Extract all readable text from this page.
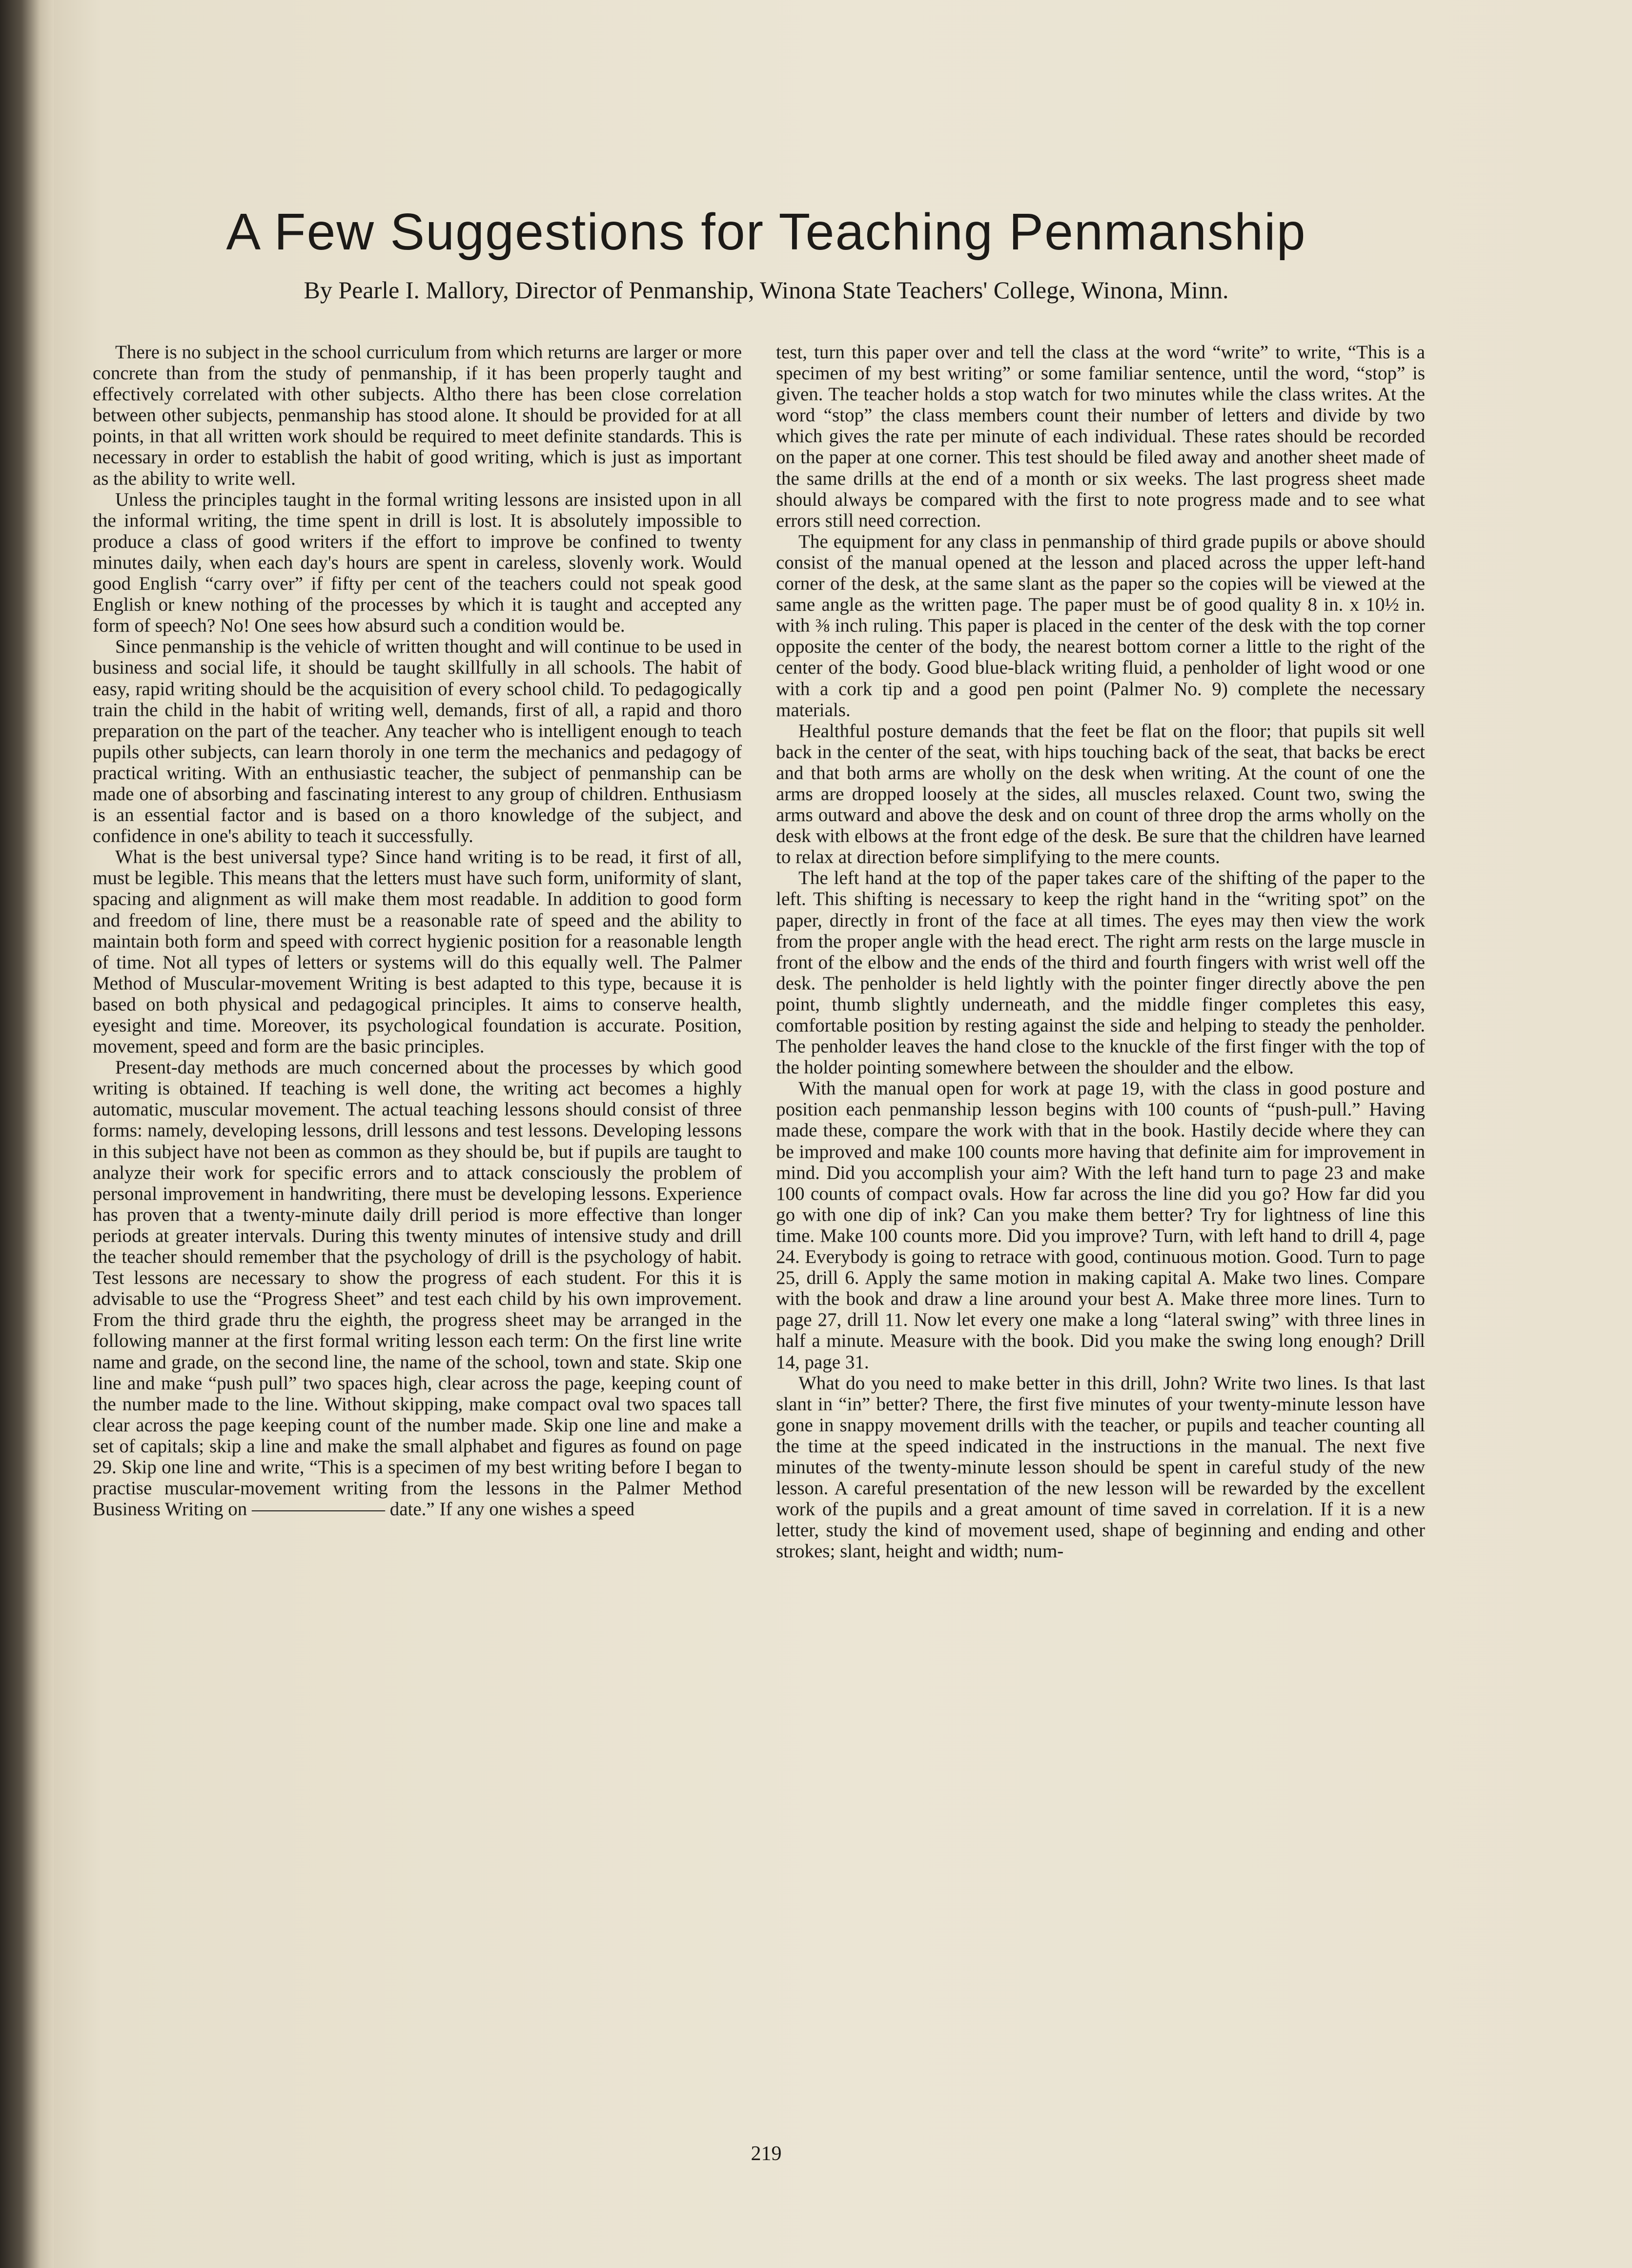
A Few Suggestions for Teaching Penmanship
By Pearle I. Mallory, Director of Penmanship, Winona State Teachers' College, Winona, Minn.

There is no subject in the school curriculum from which returns are larger or more concrete than from the study of penmanship, if it has been properly taught and effectively correlated with other subjects. Altho there has been close correlation between other subjects, penmanship has stood alone. It should be provided for at all points, in that all written work should be required to meet definite standards. This is necessary in order to establish the habit of good writing, which is just as important as the ability to write well.

Unless the principles taught in the formal writing lessons are insisted upon in all the informal writing, the time spent in drill is lost. It is absolutely impossible to produce a class of good writers if the effort to improve be confined to twenty minutes daily, when each day's hours are spent in careless, slovenly work. Would good English “carry over” if fifty per cent of the teachers could not speak good English or knew nothing of the processes by which it is taught and accepted any form of speech? No! One sees how absurd such a condition would be.

Since penmanship is the vehicle of written thought and will continue to be used in business and social life, it should be taught skillfully in all schools. The habit of easy, rapid writing should be the acquisition of every school child. To pedagogically train the child in the habit of writing well, demands, first of all, a rapid and thoro preparation on the part of the teacher. Any teacher who is intelligent enough to teach pupils other subjects, can learn thoroly in one term the mechanics and pedagogy of practical writing. With an enthusiastic teacher, the subject of penmanship can be made one of absorbing and fascinating interest to any group of children. Enthusiasm is an essential factor and is based on a thoro knowledge of the subject, and confidence in one's ability to teach it successfully.

What is the best universal type? Since hand writing is to be read, it first of all, must be legible. This means that the letters must have such form, uniformity of slant, spacing and alignment as will make them most readable. In addition to good form and freedom of line, there must be a reasonable rate of speed and the ability to maintain both form and speed with correct hygienic position for a reasonable length of time. Not all types of letters or systems will do this equally well. The Palmer Method of Muscular-movement Writing is best adapted to this type, because it is based on both physical and pedagogical principles. It aims to conserve health, eyesight and time. Moreover, its psychological foundation is accurate. Position, movement, speed and form are the basic principles.

Present-day methods are much concerned about the processes by which good writing is obtained. If teaching is well done, the writing act becomes a highly automatic, muscular movement. The actual teaching lessons should consist of three forms: namely, developing lessons, drill lessons and test lessons. Developing lessons in this subject have not been as common as they should be, but if pupils are taught to analyze their work for specific errors and to attack consciously the problem of personal improvement in handwriting, there must be developing lessons. Experience has proven that a twenty-minute daily drill period is more effective than longer periods at greater intervals. During this twenty minutes of intensive study and drill the teacher should remember that the psychology of drill is the psychology of habit. Test lessons are necessary to show the progress of each student. For this it is advisable to use the “Progress Sheet” and test each child by his own improvement. From the third grade thru the eighth, the progress sheet may be arranged in the following manner at the first formal writing lesson each term: On the first line write name and grade, on the second line, the name of the school, town and state. Skip one line and make “push pull” two spaces high, clear across the page, keeping count of the number made to the line. Without skipping, make compact oval two spaces tall clear across the page keeping count of the number made. Skip one line and make a set of capitals; skip a line and make the small alphabet and figures as found on page 29. Skip one line and write, “This is a specimen of my best writing before I began to practise muscular-movement writing from the lessons in the Palmer Method Business Writing on ——————— date.” If any one wishes a speed

test, turn this paper over and tell the class at the word “write” to write, “This is a specimen of my best writing” or some familiar sentence, until the word, “stop” is given. The teacher holds a stop watch for two minutes while the class writes. At the word “stop” the class members count their number of letters and divide by two which gives the rate per minute of each individual. These rates should be recorded on the paper at one corner. This test should be filed away and another sheet made of the same drills at the end of a month or six weeks. The last progress sheet made should always be compared with the first to note progress made and to see what errors still need correction.

The equipment for any class in penmanship of third grade pupils or above should consist of the manual opened at the lesson and placed across the upper left-hand corner of the desk, at the same slant as the paper so the copies will be viewed at the same angle as the written page. The paper must be of good quality 8 in. x 10½ in. with ⅜ inch ruling. This paper is placed in the center of the desk with the top corner opposite the center of the body, the nearest bottom corner a little to the right of the center of the body. Good blue-black writing fluid, a penholder of light wood or one with a cork tip and a good pen point (Palmer No. 9) complete the necessary materials.

Healthful posture demands that the feet be flat on the floor; that pupils sit well back in the center of the seat, with hips touching back of the seat, that backs be erect and that both arms are wholly on the desk when writing. At the count of one the arms are dropped loosely at the sides, all muscles relaxed. Count two, swing the arms outward and above the desk and on count of three drop the arms wholly on the desk with elbows at the front edge of the desk. Be sure that the children have learned to relax at direction before simplifying to the mere counts.

The left hand at the top of the paper takes care of the shifting of the paper to the left. This shifting is necessary to keep the right hand in the “writing spot” on the paper, directly in front of the face at all times. The eyes may then view the work from the proper angle with the head erect. The right arm rests on the large muscle in front of the elbow and the ends of the third and fourth fingers with wrist well off the desk. The penholder is held lightly with the pointer finger directly above the pen point, thumb slightly underneath, and the middle finger completes this easy, comfortable position by resting against the side and helping to steady the penholder. The penholder leaves the hand close to the knuckle of the first finger with the top of the holder pointing somewhere between the shoulder and the elbow.

With the manual open for work at page 19, with the class in good posture and position each penmanship lesson begins with 100 counts of “push-pull.” Having made these, compare the work with that in the book. Hastily decide where they can be improved and make 100 counts more having that definite aim for improvement in mind. Did you accomplish your aim? With the left hand turn to page 23 and make 100 counts of compact ovals. How far across the line did you go? How far did you go with one dip of ink? Can you make them better? Try for lightness of line this time. Make 100 counts more. Did you improve? Turn, with left hand to drill 4, page 24. Everybody is going to retrace with good, continuous motion. Good. Turn to page 25, drill 6. Apply the same motion in making capital A. Make two lines. Compare with the book and draw a line around your best A. Make three more lines. Turn to page 27, drill 11. Now let every one make a long “lateral swing” with three lines in half a minute. Measure with the book. Did you make the swing long enough? Drill 14, page 31.

What do you need to make better in this drill, John? Write two lines. Is that last slant in “in” better? There, the first five minutes of your twenty-minute lesson have gone in snappy movement drills with the teacher, or pupils and teacher counting all the time at the speed indicated in the instructions in the manual. The next five minutes of the twenty-minute lesson should be spent in careful study of the new lesson. A careful presentation of the new lesson will be rewarded by the excellent work of the pupils and a great amount of time saved in correlation. If it is a new letter, study the kind of movement used, shape of beginning and ending and other strokes; slant, height and width; num-

219
